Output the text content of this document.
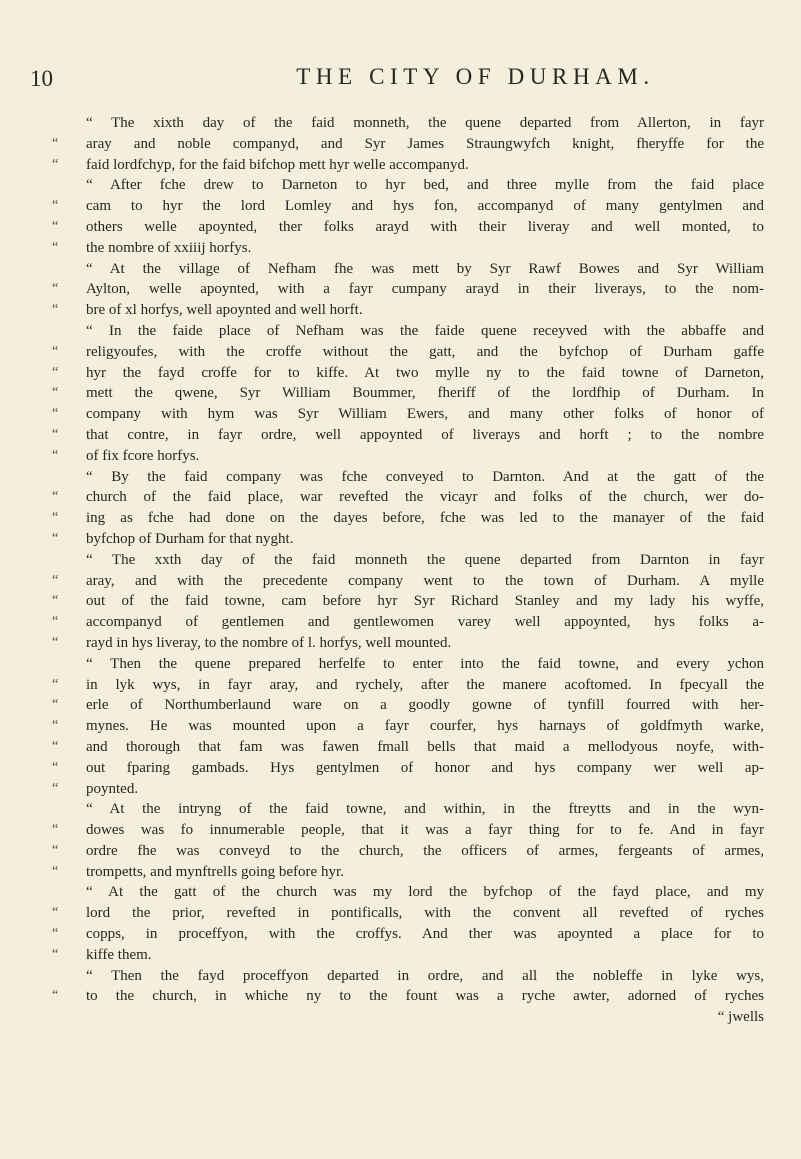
10	THE CITY OF DURHAM.
“ The xixth day of the faid monneth, the quene departed from Allerton, in fayr
“ aray and noble companyd, and Syr James Straungwyfch knight, fheryffe for the
“ faid lordfchyp, for the faid bifchop mett hyr welle accompanyd.
“ After fche drew to Darneton to hyr bed, and three mylle from the faid place
“ cam to hyr the lord Lomley and hys fon, accompanyd of many gentylmen and
“ others welle apoynted, ther folks arayd with their liveray and well monted, to
“ the nombre of xxiiij horfys.
“ At the village of Nefham fhe was mett by Syr Rawf Bowes and Syr William
“ Aylton, welle apoynted, with a fayr cumpany arayd in their liverays, to the nom-
“ bre of xl horfys, well apoynted and well horft.
“ In the faide place of Nefham was the faide quene receyved with the abbaffe and
“ religyoufes, with the croffe without the gatt, and the byfchop of Durham gaffe
“ hyr the fayd croffe for to kiffe. At two mylle ny to the faid towne of Darneton,
“ mett the qwene, Syr William Boummer, fheriff of the lordfhip of Durham. In
“ company with hym was Syr William Ewers, and many other folks of honor of
“ that contre, in fayr ordre, well appoynted of liverays and horft ; to the nombre
“ of fix fcore horfys.
“ By the faid company was fche conveyed to Darnton. And at the gatt of the
“ church of the faid place, war revefted the vicayr and folks of the church, wer do-
“ ing as fche had done on the dayes before, fche was led to the manayer of the faid
“ byfchop of Durham for that nyght.
“ The xxth day of the faid monneth the quene departed from Darnton in fayr
“ aray, and with the precedente company went to the town of Durham. A mylle
“ out of the faid towne, cam before hyr Syr Richard Stanley and my lady his wyffe,
“ accompanyd of gentlemen and gentlewomen varey well appoynted, hys folks a-
“ rayd in hys liveray, to the nombre of l. horfys, well mounted.
“ Then the quene prepared herfelfe to enter into the faid towne, and every ychon
“ in lyk wys, in fayr aray, and rychely, after the manere acoftomed. In fpecyall the
“ erle of Northumberlaund ware on a goodly gowne of tynfill fourred with her-
“ mynes. He was mounted upon a fayr courfer, hys harnays of goldfmyth warke,
“ and thorough that fam was fawen fmall bells that maid a mellodyous noyfe, with-
“ out fparing gambads. Hys gentylmen of honor and hys company wer well ap-
“ poynted.
“ At the intryng of the faid towne, and within, in the ftreytts and in the wyn-
“ dowes was fo innumerable people, that it was a fayr thing for to fe. And in fayr
“ ordre fhe was conveyd to the church, the officers of armes, fergeants of armes,
“ trompetts, and mynftrells going before hyr.
“ At the gatt of the church was my lord the byfchop of the fayd place, and my
“ lord the prior, revefted in pontificalls, with the convent all revefted of ryches
“ copps, in proceffyon, with the croffys. And ther was apoynted a place for to
“ kiffe them.
“ Then the fayd proceffyon departed in ordre, and all the nobleffe in lyke wys,
“ to the church, in whiche ny to the fount was a ryche awter, adorned of ryches
“ jwells
